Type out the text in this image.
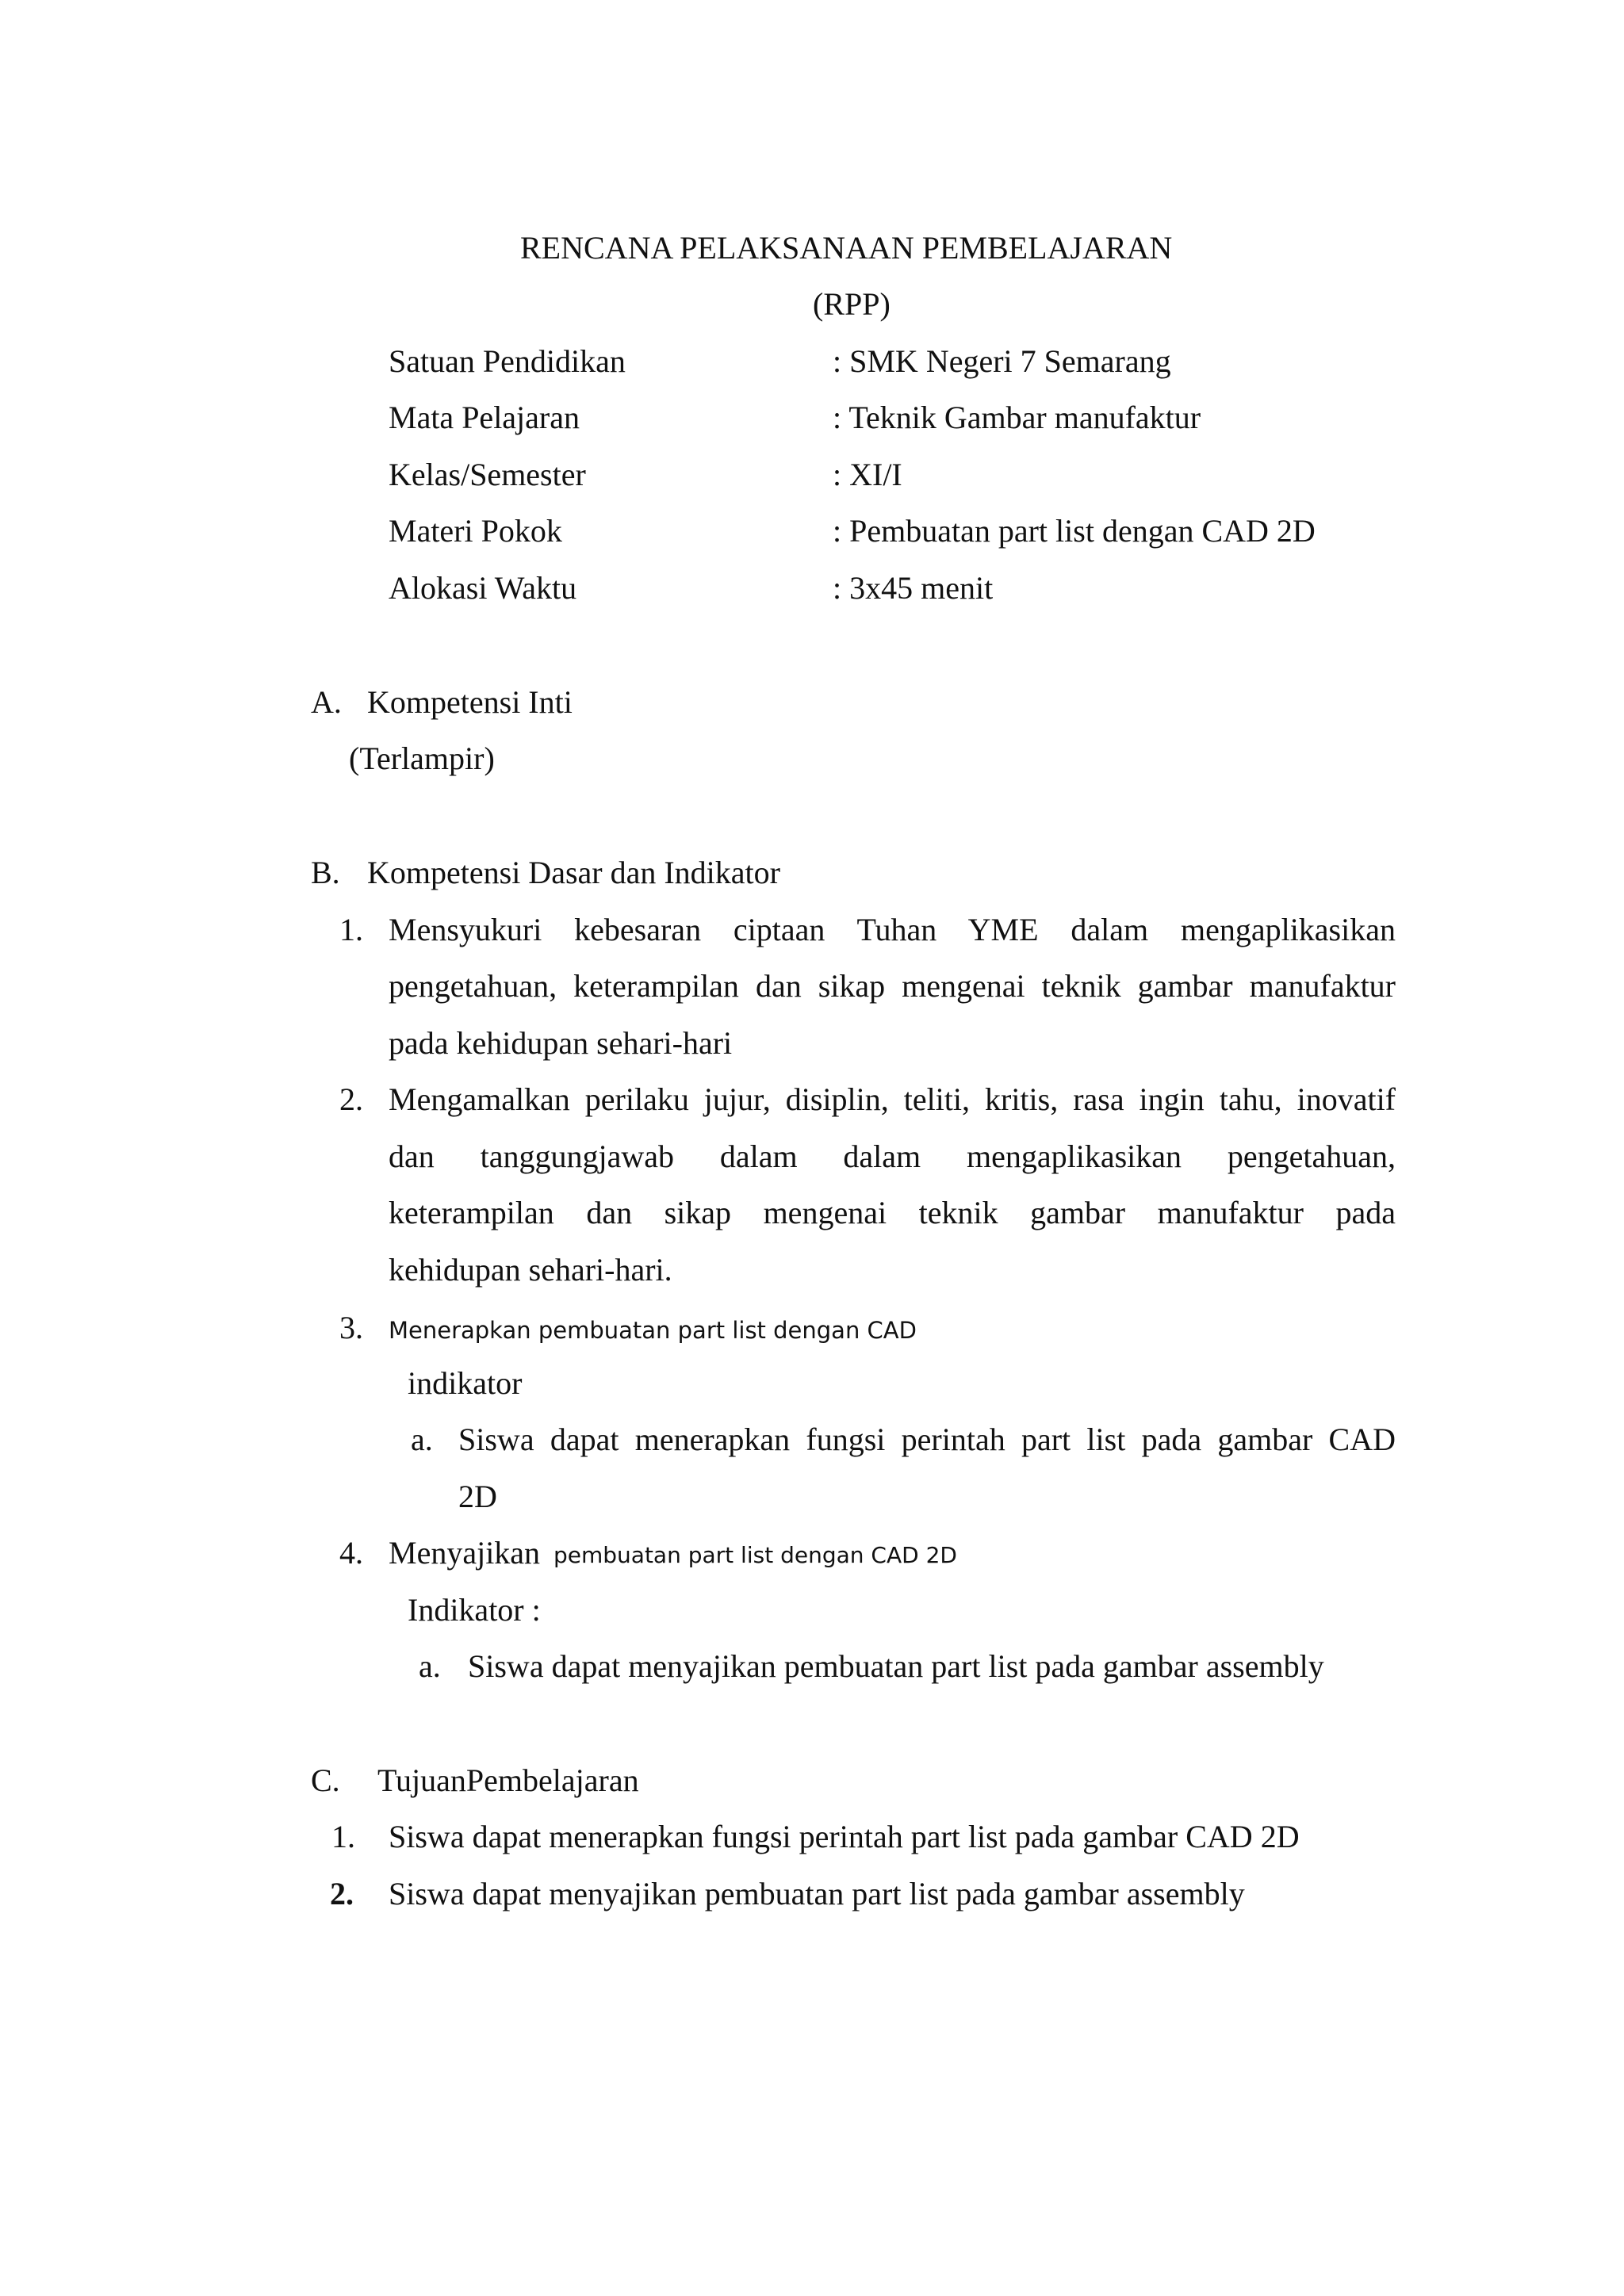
RENCANA PELAKSANAAN PEMBELAJARAN
(RPP)
Satuan Pendidikan	: SMK Negeri 7 Semarang
Mata Pelajaran	: Teknik Gambar manufaktur
Kelas/Semester	: XI/I
Materi Pokok	: Pembuatan part list dengan CAD 2D
Alokasi Waktu	: 3x45 menit
A. Kompetensi Inti
(Terlampir)
B. Kompetensi Dasar dan Indikator
1. Mensyukuri kebesaran ciptaan Tuhan YME dalam mengaplikasikan
pengetahuan, keterampilan dan sikap mengenai teknik gambar manufaktur
pada kehidupan sehari-hari
2. Mengamalkan perilaku jujur, disiplin, teliti, kritis, rasa ingin tahu, inovatif
dan tanggungjawab dalam dalam mengaplikasikan pengetahuan,
keterampilan dan sikap mengenai teknik gambar manufaktur pada
kehidupan sehari-hari.
3. Menerapkan pembuatan part list dengan CAD
indikator
a. Siswa dapat menerapkan fungsi perintah part list pada gambar CAD
2D
4. Menyajikan pembuatan part list dengan CAD 2D
Indikator :
a. Siswa dapat menyajikan pembuatan part list pada gambar assembly
C. TujuanPembelajaran
1. Siswa dapat menerapkan fungsi perintah part list pada gambar CAD 2D
2. Siswa dapat menyajikan pembuatan part list pada gambar assembly
